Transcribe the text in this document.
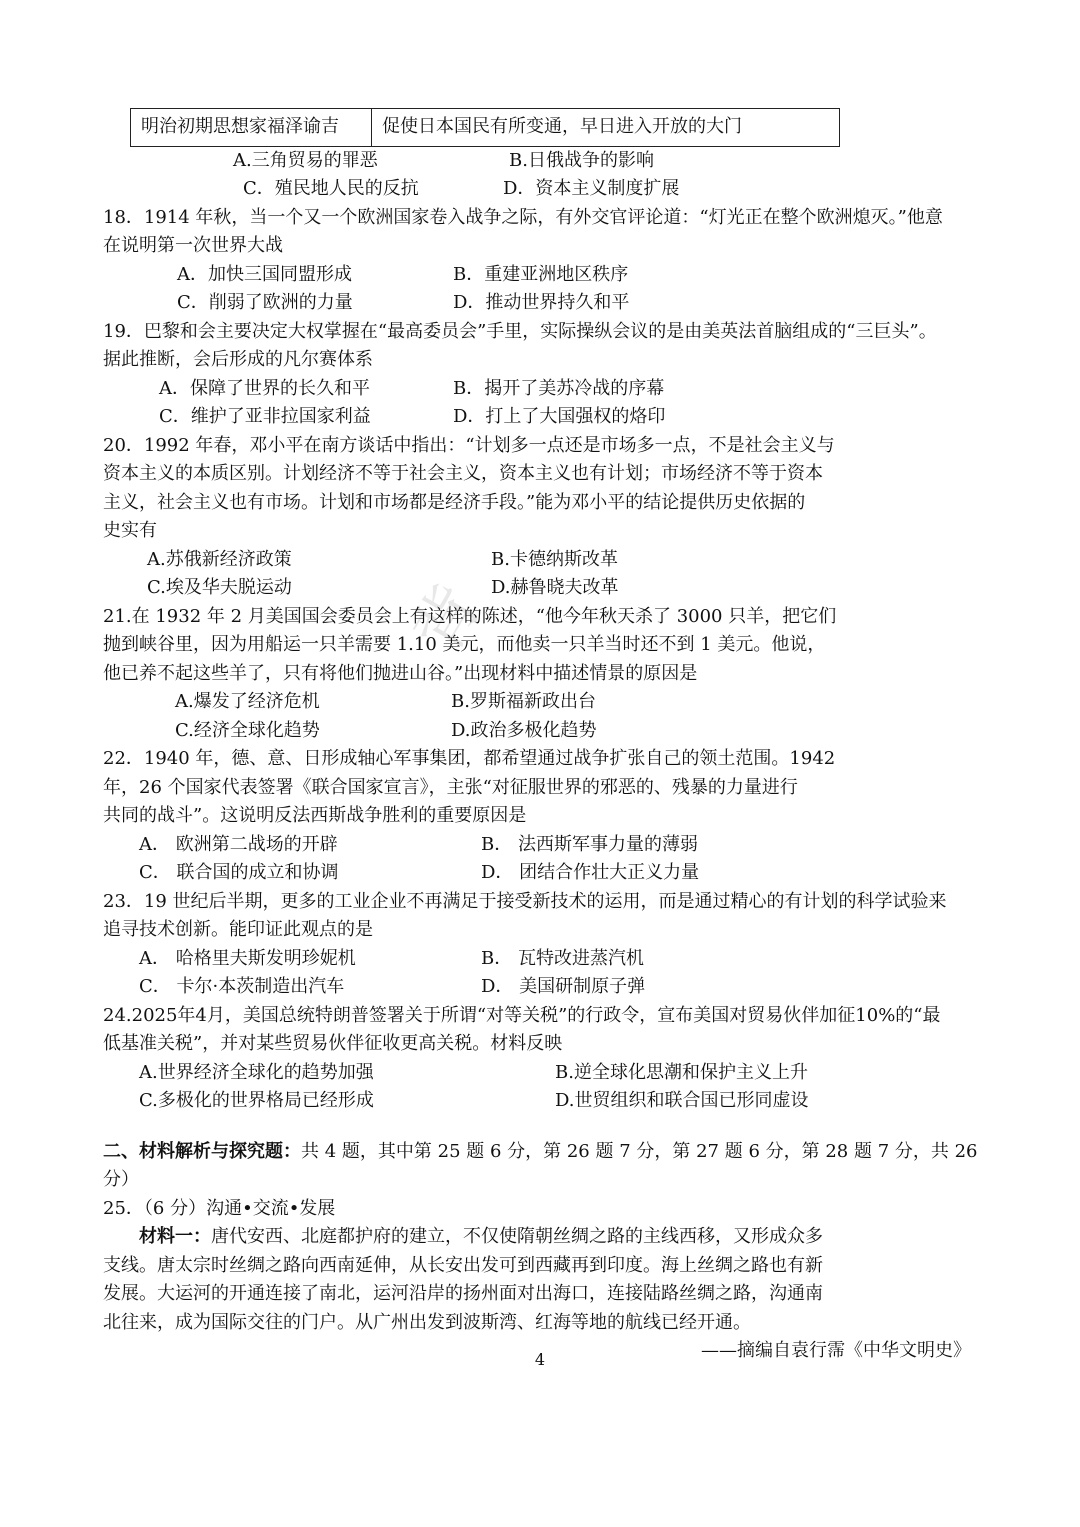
背
明治初期思想家福泽谕吉	促使日本国民有所变通，早日进入开放的大门
A.三角贸易的罪恶	B.日俄战争的影响
C．殖民地人民的反抗	D．资本主义制度扩展
18．1914 年秋，当一个又一个欧洲国家卷入战争之际，有外交官评论道：“灯光正在整个欧洲熄灭。”他意
在说明第一次世界大战
A．加快三国同盟形成	B．重建亚洲地区秩序
C．削弱了欧洲的力量	D．推动世界持久和平
19．巴黎和会主要决定大权掌握在“最高委员会”手里，实际操纵会议的是由美英法首脑组成的“三巨头”。
据此推断，会后形成的凡尔赛体系
A．保障了世界的长久和平	B．揭开了美苏冷战的序幕
C．维护了亚非拉国家利益	D．打上了大国强权的烙印
20．1992 年春，邓小平在南方谈话中指出：“计划多一点还是市场多一点，不是社会主义与
资本主义的本质区别。计划经济不等于社会主义，资本主义也有计划；市场经济不等于资本
主义，社会主义也有市场。计划和市场都是经济手段。”能为邓小平的结论提供历史依据的
史实有
A.苏俄新经济政策	B.卡德纳斯改革
C.埃及华夫脱运动	D.赫鲁晓夫改革
21.在 1932 年 2 月美国国会委员会上有这样的陈述，“他今年秋天杀了 3000 只羊，把它们
抛到峡谷里，因为用船运一只羊需要 1.10 美元，而他卖一只羊当时还不到 1 美元。他说，
他已养不起这些羊了，只有将他们抛进山谷。”出现材料中描述情景的原因是
A.爆发了经济危机	B.罗斯福新政出台
C.经济全球化趋势	D.政治多极化趋势
22．1940 年，德、意、日形成轴心军事集团，都希望通过战争扩张自己的领土范围。1942
年，26 个国家代表签署《联合国家宣言》，主张“对征服世界的邪恶的、残暴的力量进行
共同的战斗”。这说明反法西斯战争胜利的重要原因是
A． 欧洲第二战场的开辟	B． 法西斯军事力量的薄弱
C． 联合国的成立和协调	D． 团结合作壮大正义力量
23．19 世纪后半期，更多的工业企业不再满足于接受新技术的运用，而是通过精心的有计划的科学试验来
追寻技术创新。能印证此观点的是
A． 哈格里夫斯发明珍妮机	B． 瓦特改进蒸汽机
C． 卡尔·本茨制造出汽车	D． 美国研制原子弹
24.2025年4月，美国总统特朗普签署关于所谓“对等关税”的行政令，宣布美国对贸易伙伴加征10%的“最
低基准关税”，并对某些贸易伙伴征收更高关税。材料反映
A.世界经济全球化的趋势加强	B.逆全球化思潮和保护主义上升
C.多极化的世界格局已经形成	D.世贸组织和联合国已形同虚设
二、材料解析与探究题：共 4 题，其中第 25 题 6 分，第 26 题 7 分，第 27 题 6 分，第 28 题 7 分，共 26
分）
25．（6 分）沟通•交流•发展
材料一：唐代安西、北庭都护府的建立，不仅使隋朝丝绸之路的主线西移，又形成众多
支线。唐太宗时丝绸之路向西南延伸，从长安出发可到西藏再到印度。海上丝绸之路也有新
发展。大运河的开通连接了南北，运河沿岸的扬州面对出海口，连接陆路丝绸之路，沟通南
北往来，成为国际交往的门户。从广州出发到波斯湾、红海等地的航线已经开通。
——摘编自袁行霈《中华文明史》
4
